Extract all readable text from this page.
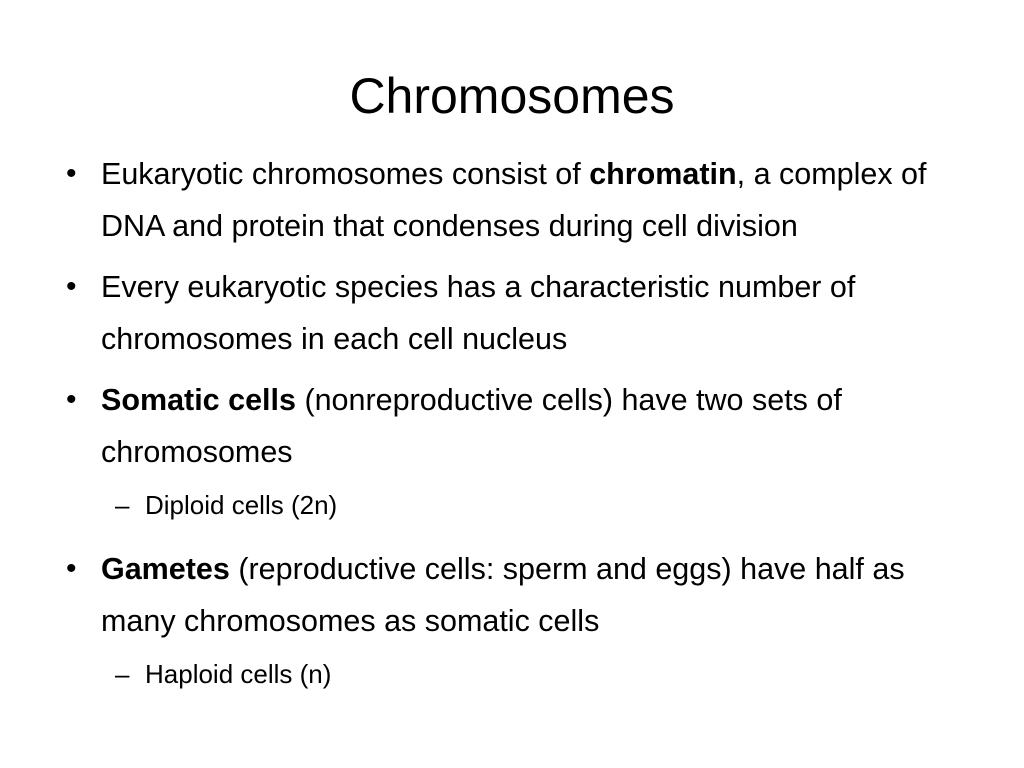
Chromosomes
• Eukaryotic chromosomes consist of chromatin, a complex of DNA and protein that condenses during cell division
• Every eukaryotic species has a characteristic number of chromosomes in each cell nucleus
• Somatic cells (nonreproductive cells) have two sets of chromosomes
– Diploid cells (2n)
• Gametes (reproductive cells: sperm and eggs) have half as many chromosomes as somatic cells
– Haploid cells (n)
